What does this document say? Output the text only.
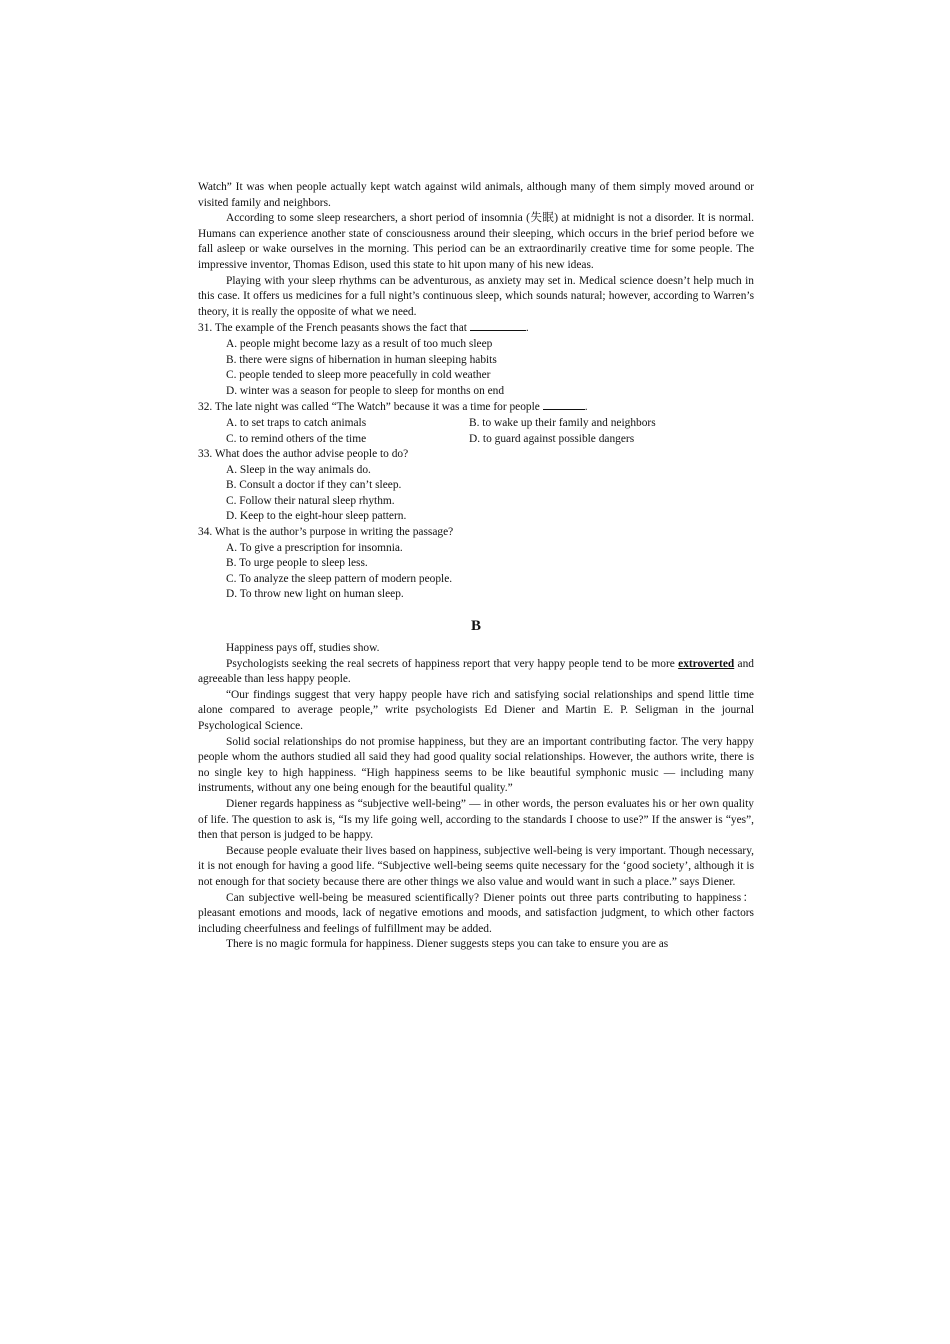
Watch” It was when people actually kept watch against wild animals, although many of them simply moved around or visited family and neighbors.

According to some sleep researchers, a short period of insomnia (失眠) at midnight is not a disorder. It is normal. Humans can experience another state of consciousness around their sleeping, which occurs in the brief period before we fall asleep or wake ourselves in the morning. This period can be an extraordinarily creative time for some people. The impressive inventor, Thomas Edison, used this state to hit upon many of his new ideas.

Playing with your sleep rhythms can be adventurous, as anxiety may set in. Medical science doesn’t help much in this case. It offers us medicines for a full night’s continuous sleep, which sounds natural; however, according to Warren’s theory, it is really the opposite of what we need.

31. The example of the French peasants shows the fact that	.

A. people might become lazy as a result of too much sleep

B. there were signs of hibernation in human sleeping habits

C. people tended to sleep more peacefully in cold weather

D. winter was a season for people to sleep for months on end

32. The late night was called “The Watch” because it was a time for people	.

A. to set traps to catch animals	B. to wake up their family and neighbors
C. to remind others of the time	D. to guard against possible dangers

33. What does the author advise people to do?

A. Sleep in the way animals do.

B. Consult a doctor if they can’t sleep.

C. Follow their natural sleep rhythm.

D. Keep to the eight-hour sleep pattern.

34. What is the author’s purpose in writing the passage?

A. To give a prescription for insomnia.

B. To urge people to sleep less.

C. To analyze the sleep pattern of modern people.

D. To throw new light on human sleep.

B

Happiness pays off, studies show.

Psychologists seeking the real secrets of happiness report that very happy people tend to be more extroverted and agreeable than less happy people.

“Our findings suggest that very happy people have rich and satisfying social relationships and spend little time alone compared to average people,” write psychologists Ed Diener and Martin E. P. Seligman in the journal Psychological Science.

Solid social relationships do not promise happiness, but they are an important contributing factor. The very happy people whom the authors studied all said they had good quality social relationships. However, the authors write, there is no single key to high happiness. “High happiness seems to be like beautiful symphonic music — including many instruments, without any one being enough for the beautiful quality.”

Diener regards happiness as “subjective well-being” — in other words, the person evaluates his or her own quality of life. The question to ask is, “Is my life going well, according to the standards I choose to use?” If the answer is “yes”, then that person is judged to be happy.

Because people evaluate their lives based on happiness, subjective well-being is very important. Though necessary, it is not enough for having a good life. “Subjective well-being seems quite necessary for the ‘good society’, although it is not enough for that society because there are other things we also value and would want in such a place.” says Diener.

Can subjective well-being be measured scientifically? Diener points out three parts contributing to happiness：pleasant emotions and moods, lack of negative emotions and moods, and satisfaction judgment, to which other factors including cheerfulness and feelings of fulfillment may be added.

There is no magic formula for happiness. Diener suggests steps you can take to ensure you are as
